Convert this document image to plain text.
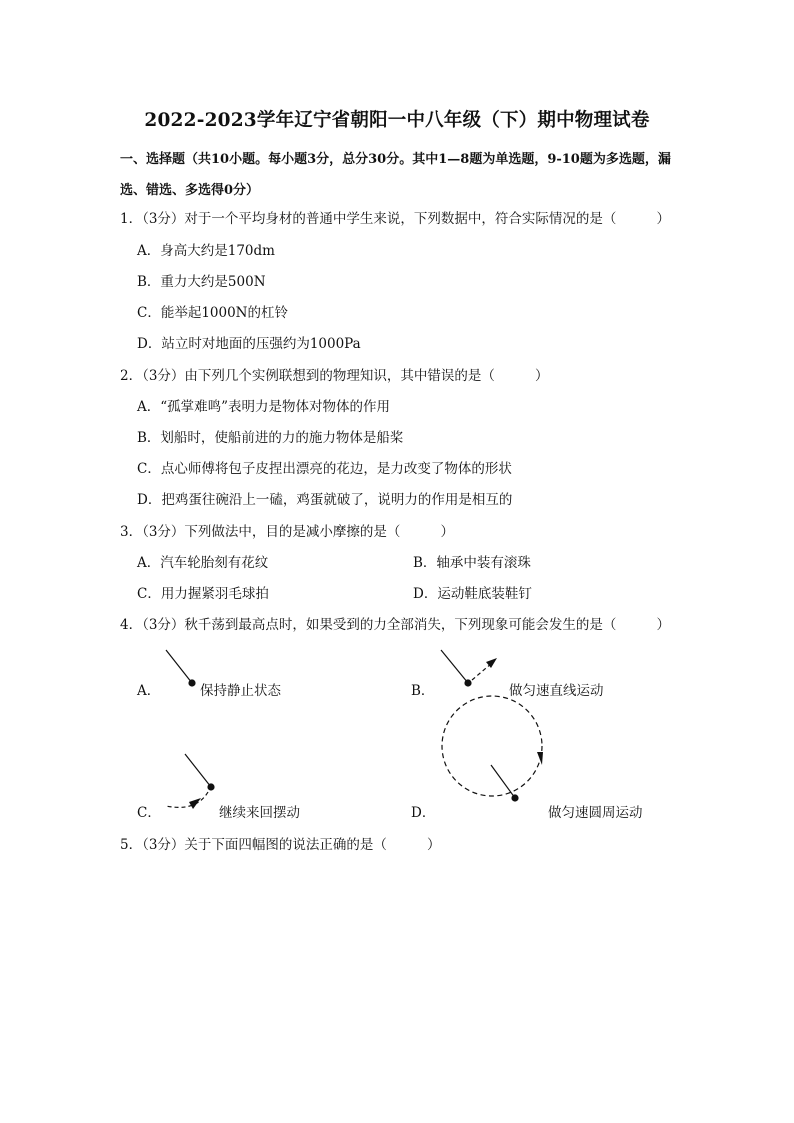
2022-2023学年辽宁省朝阳一中八年级（下）期中物理试卷
一、选择题（共10小题。每小题3分，总分30分。其中1—8题为单选题，9-10题为多选题，漏选、错选、多选得0分）
1．（3分）对于一个平均身材的普通中学生来说，下列数据中，符合实际情况的是（	）
A．身高大约是170dm
B．重力大约是500N
C．能举起1000N的杠铃
D．站立时对地面的压强约为1000Pa
2．（3分）由下列几个实例联想到的物理知识，其中错误的是（	）
A．“孤掌难鸣”表明力是物体对物体的作用
B．划船时，使船前进的力的施力物体是船桨
C．点心师傅将包子皮捏出漂亮的花边，是力改变了物体的形状
D．把鸡蛋往碗沿上一磕，鸡蛋就破了，说明力的作用是相互的
3．（3分）下列做法中，目的是减小摩擦的是（	）
A．汽车轮胎刻有花纹	B．轴承中装有滚珠
C．用力握紧羽毛球拍	D．运动鞋底装鞋钉
4．（3分）秋千荡到最高点时，如果受到的力全部消失，下列现象可能会发生的是（	）
A．	保持静止状态	B．	做匀速直线运动
C．	继续来回摆动	D．	做匀速圆周运动
5．（3分）关于下面四幅图的说法正确的是（	）
